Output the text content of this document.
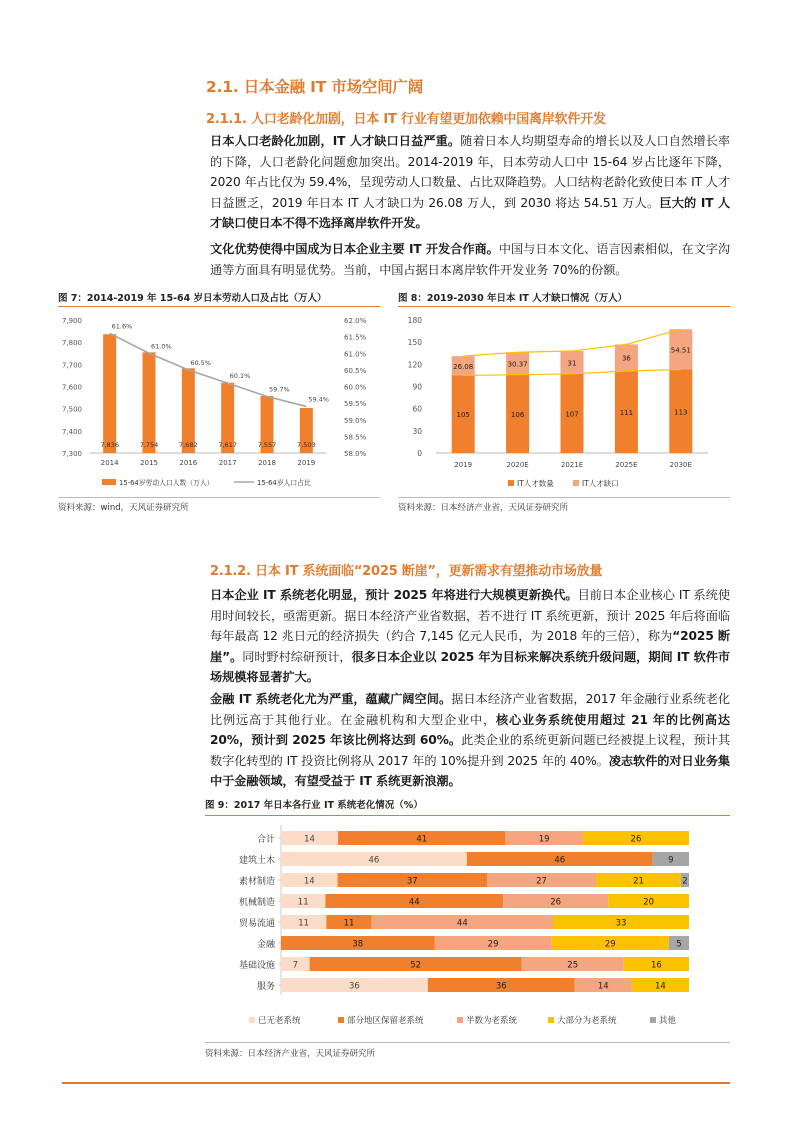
2.1. 日本金融 IT 市场空间广阔
2.1.1. 人口老龄化加剧，日本 IT 行业有望更加依赖中国离岸软件开发
日本人口老龄化加剧，IT 人才缺口日益严重。随着日本人均期望寿命的增长以及人口自然增长率的下降，人口老龄化问题愈加突出。2014-2019 年，日本劳动人口中 15-64 岁占比逐年下降，2020 年占比仅为 59.4%，呈现劳动人口数量、占比双降趋势。人口结构老龄化致使日本 IT 人才日益匮乏，2019 年日本 IT 人才缺口为 26.08 万人，到 2030 将达 54.51 万人。巨大的 IT 人才缺口使日本不得不选择离岸软件开发。
文化优势使得中国成为日本企业主要 IT 开发合作商。中国与日本文化、语言因素相似，在文字沟通等方面具有明显优势。当前，中国占据日本离岸软件开发业务 70%的份额。
图 7：2014-2019 年 15-64 岁日本劳动人口及占比（万人）
7,900
7,800
7,700
7,600
7,500
7,400
7,300
62.0%
61.5%
61.0%
60.5%
60.0%
59.5%
59.0%
58.5%
58.0%
7,836
2014
61.6%
7,754
2015
61.0%
7,682
2016
60.5%
7,617
2017
60.1%
7,557
2018
59.7%
7,503
2019
59.4%
15-64岁劳动人口人数（万人）	15-64岁人口占比
资料来源：wind，天风证券研究所
图 8：2019-2030 年日本 IT 人才缺口情况（万人）
180
150
120
90
60
30
0
105
26.08
2019
106
30.37
2020E
107
31
2021E
111
36
2025E
113
54.51
2030E
IT人才数量	IT人才缺口
资料来源：日本经济产业省，天风证券研究所
2.1.2. 日本 IT 系统面临“2025 断崖”，更新需求有望推动市场放量
日本企业 IT 系统老化明显，预计 2025 年将进行大规模更新换代。目前日本企业核心 IT 系统使用时间较长，亟需更新。据日本经济产业省数据，若不进行 IT 系统更新，预计 2025 年后将面临每年最高 12 兆日元的经济损失（约合 7,145 亿元人民币，为 2018 年的三倍），称为“2025 断崖”。同时野村综研预计，很多日本企业以 2025 年为目标来解决系统升级问题，期间 IT 软件市场规模将显著扩大。
金融 IT 系统老化尤为严重，蕴藏广阔空间。据日本经济产业省数据，2017 年金融行业系统老化比例远高于其他行业。在金融机构和大型企业中，核心业务系统使用超过 21 年的比例高达 20%，预计到 2025 年该比例将达到 60%。此类企业的系统更新问题已经被提上议程，预计其数字化转型的 IT 投资比例将从 2017 年的 10%提升到 2025 年的 40%。凌志软件的对日业务集中于金融领域，有望受益于 IT 系统更新浪潮。
图 9：2017 年日本各行业 IT 系统老化情况（%）
合计	14	41	19	26
建筑土木	46	46	9
素材制造	14	37	27	21	2
机械制造	11	44	26	20
贸易流通	11	11	44	33
金融	38	29	29	5
基础设施 7	52	25	16
服务	36	36	14	14
已无老系统	部分地区保留老系统	半数为老系统	大部分为老系统	其他
资料来源：日本经济产业省，天风证券研究所
